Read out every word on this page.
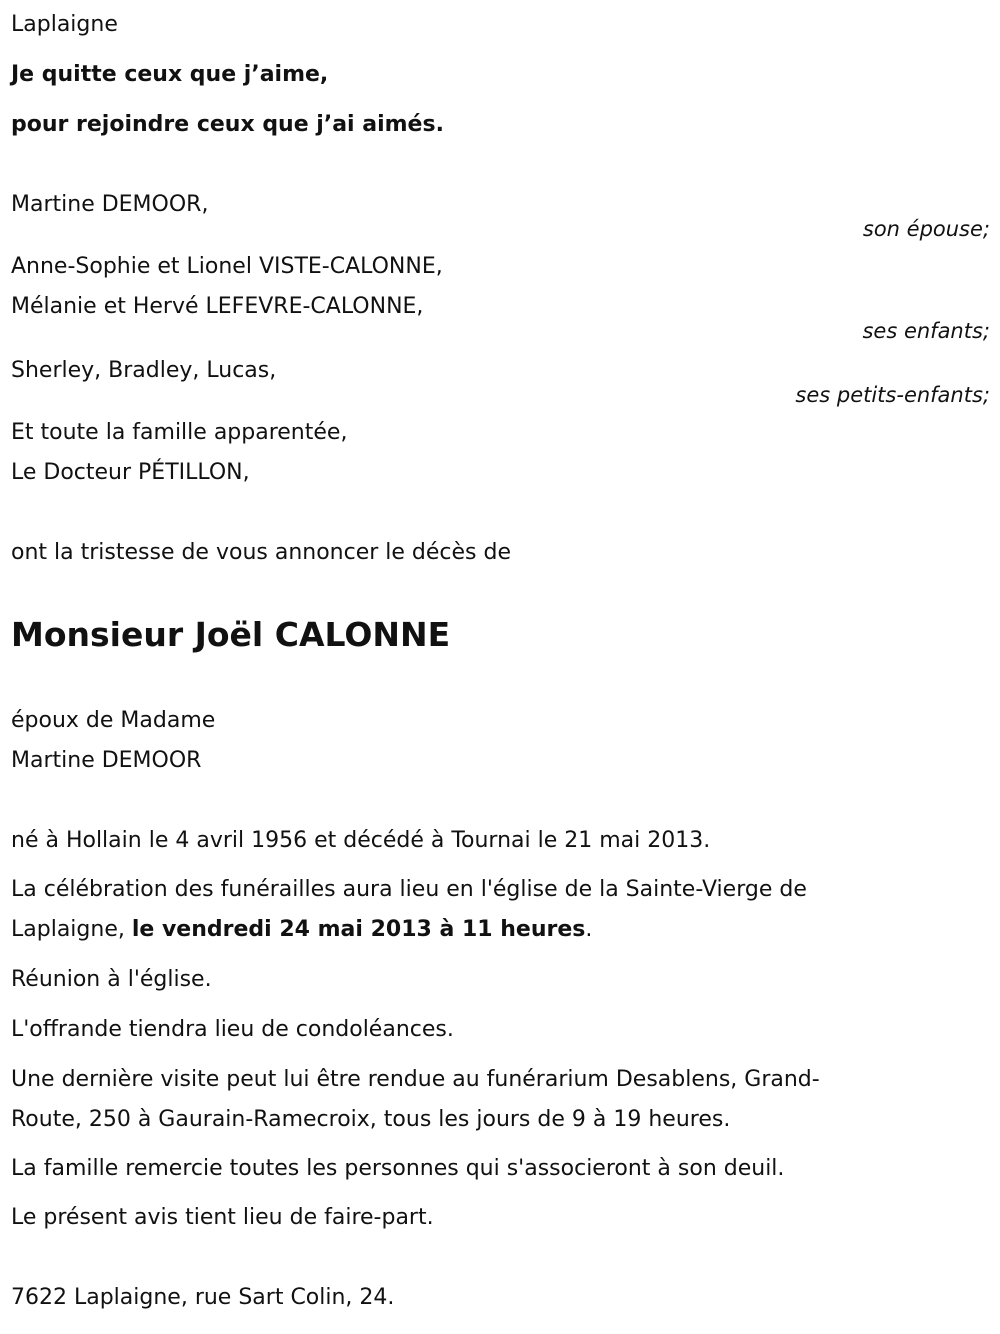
Laplaigne
Je quitte ceux que j’aime,
pour rejoindre ceux que j’ai aimés.
Martine DEMOOR,
son épouse;
Anne-Sophie et Lionel VISTE-CALONNE,
Mélanie et Hervé LEFEVRE-CALONNE,
ses enfants;
Sherley, Bradley, Lucas,
ses petits-enfants;
Et toute la famille apparentée,
Le Docteur PÉTILLON,
ont la tristesse de vous annoncer le décès de
Monsieur Joël CALONNE
époux de Madame
Martine DEMOOR
né à Hollain le 4 avril 1956 et décédé à Tournai le 21 mai 2013.
La célébration des funérailles aura lieu en l'église de la Sainte-Vierge de
Laplaigne, le vendredi 24 mai 2013 à 11 heures.
Réunion à l'église.
L'offrande tiendra lieu de condoléances.
Une dernière visite peut lui être rendue au funérarium Desablens, Grand-
Route, 250 à Gaurain-Ramecroix, tous les jours de 9 à 19 heures.
La famille remercie toutes les personnes qui s'associeront à son deuil.
Le présent avis tient lieu de faire-part.
7622 Laplaigne, rue Sart Colin, 24.
